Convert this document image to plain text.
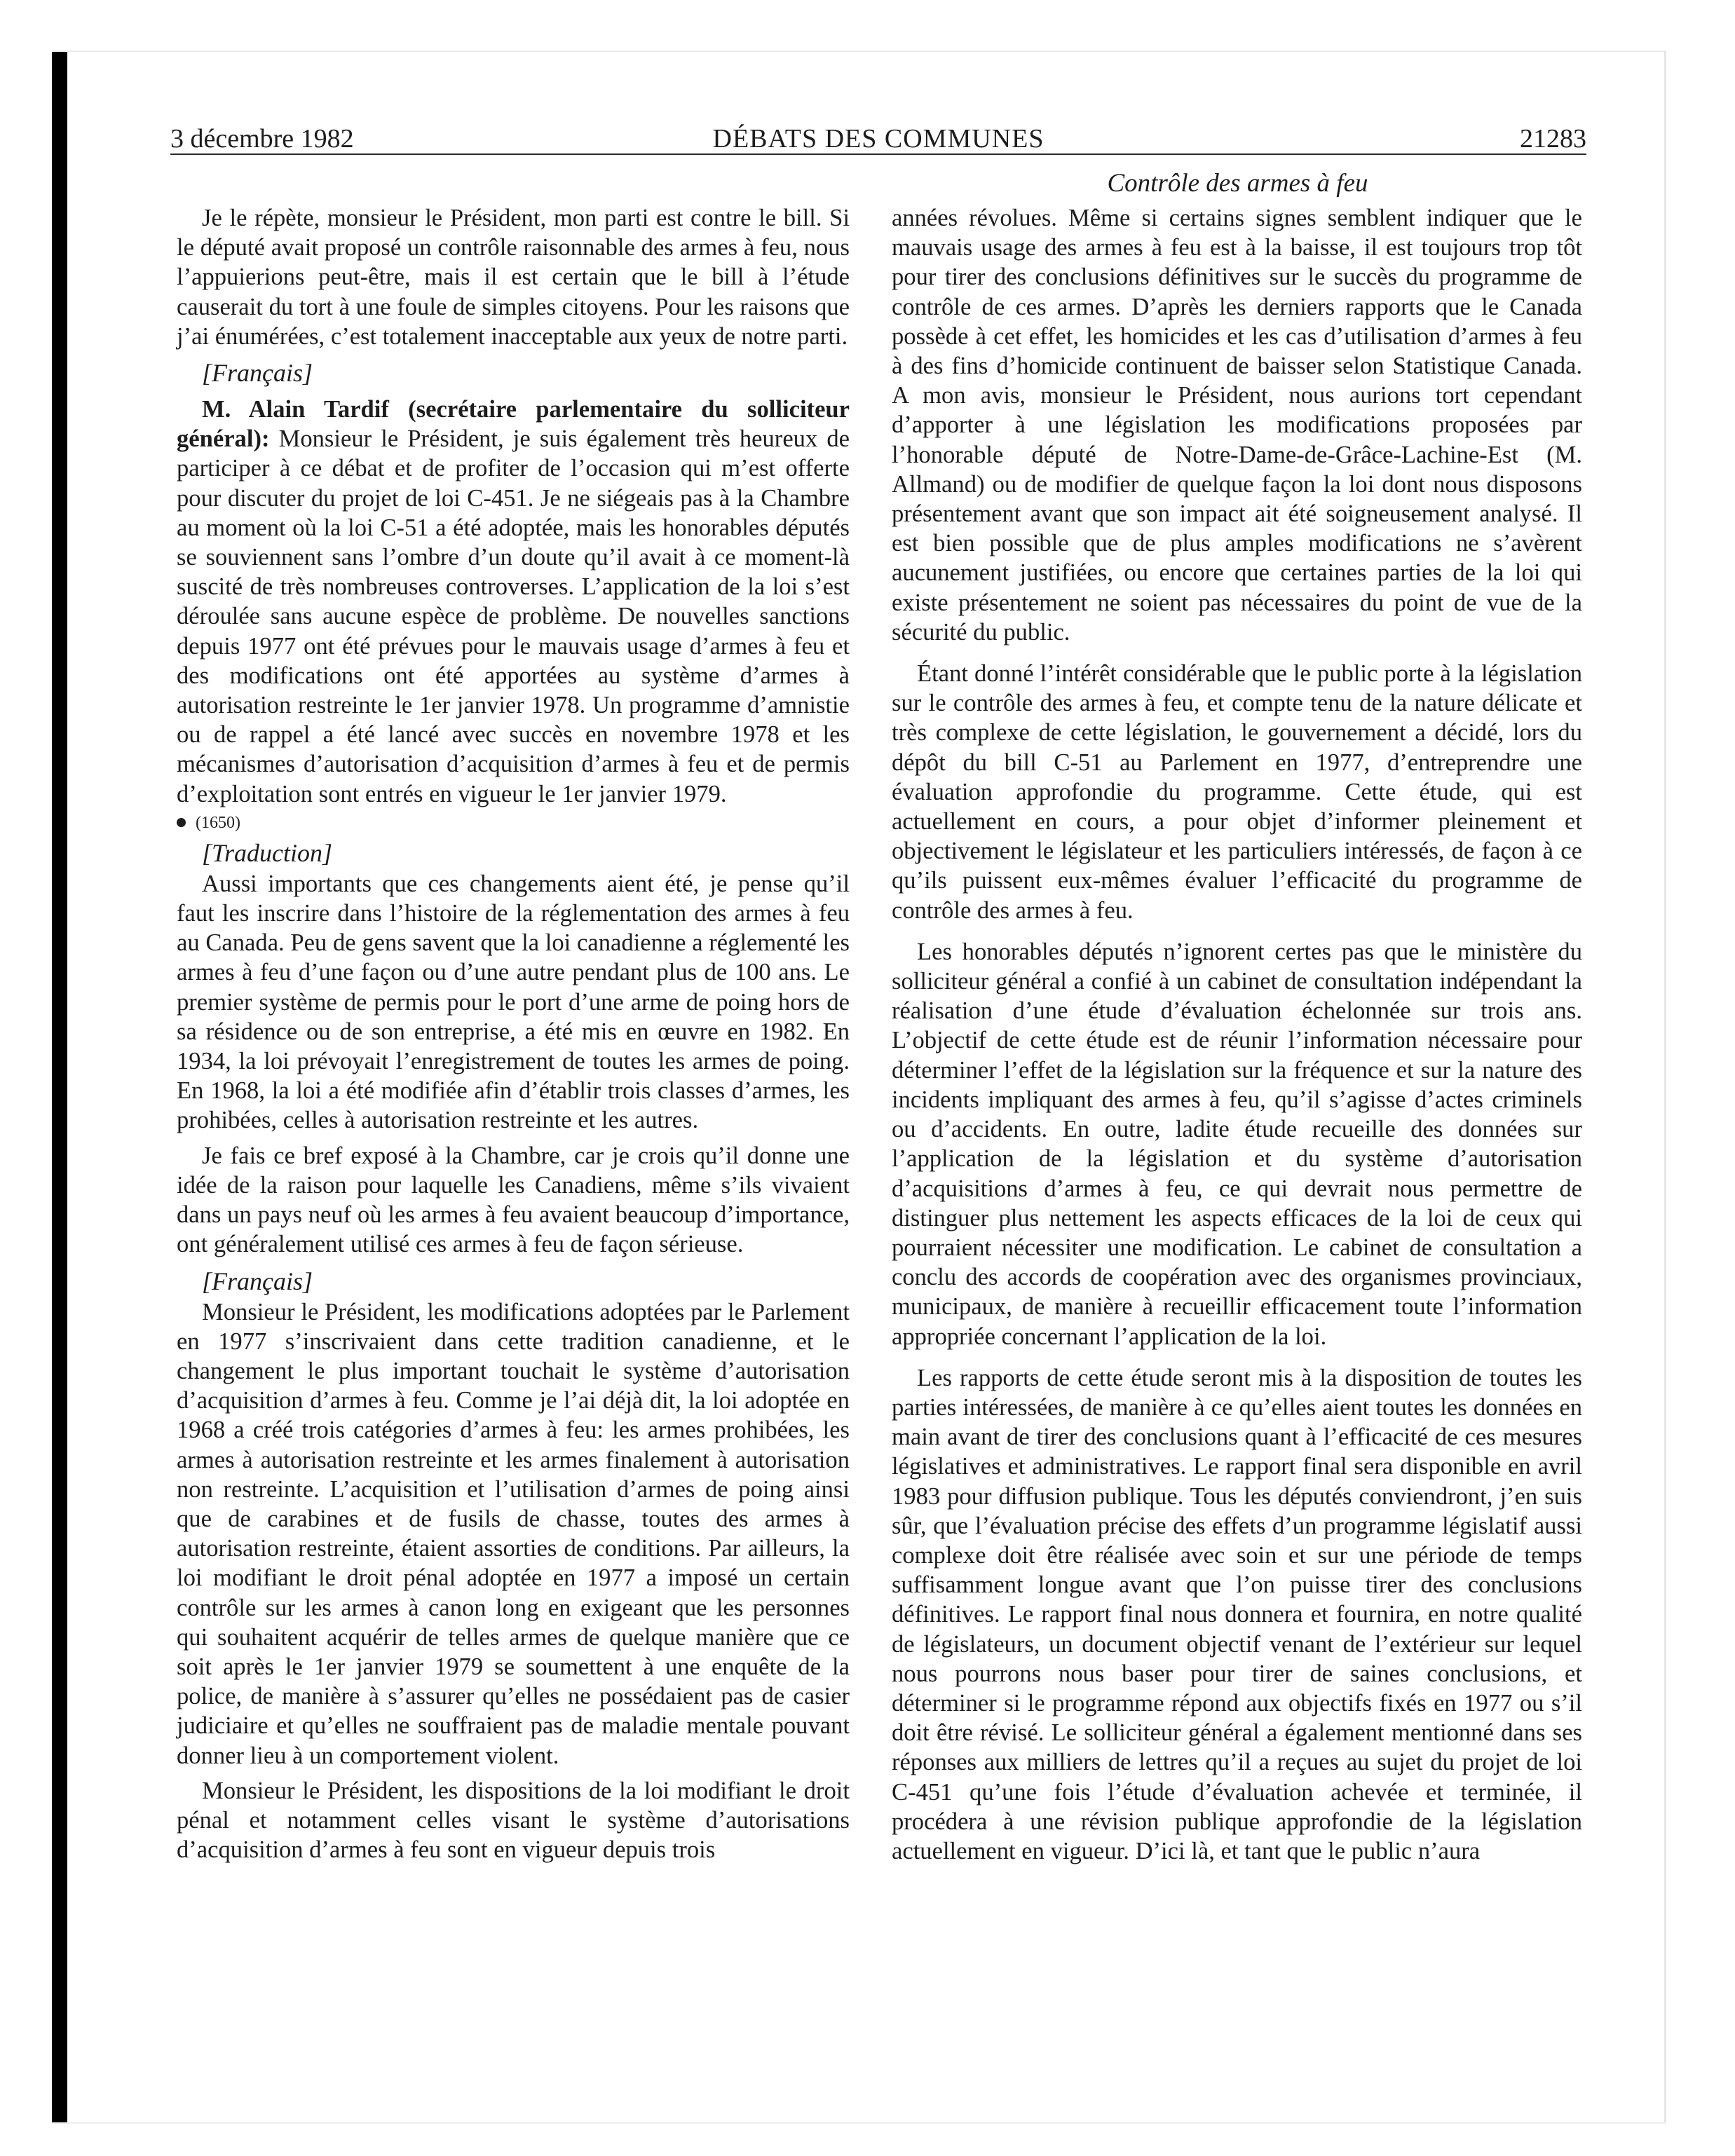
3 décembre 1982	DÉBATS DES COMMUNES	21283
Contrôle des armes à feu

Je le répète, monsieur le Président, mon parti est contre le bill. Si le député avait proposé un contrôle raisonnable des armes à feu, nous l’appuierions peut-être, mais il est certain que le bill à l’étude causerait du tort à une foule de simples citoyens. Pour les raisons que j’ai énumérées, c’est totalement inacceptable aux yeux de notre parti.

[Français]

M. Alain Tardif (secrétaire parlementaire du solliciteur général): Monsieur le Président, je suis également très heureux de participer à ce débat et de profiter de l’occasion qui m’est offerte pour discuter du projet de loi C-451. Je ne siégeais pas à la Chambre au moment où la loi C-51 a été adoptée, mais les honorables députés se souviennent sans l’ombre d’un doute qu’il avait à ce moment-là suscité de très nombreuses controverses. L’application de la loi s’est déroulée sans aucune espèce de problème. De nouvelles sanctions depuis 1977 ont été prévues pour le mauvais usage d’armes à feu et des modifications ont été apportées au système d’armes à autorisation restreinte le 1er janvier 1978. Un programme d’amnistie ou de rappel a été lancé avec succès en novembre 1978 et les mécanismes d’autorisation d’acquisition d’armes à feu et de permis d’exploitation sont entrés en vigueur le 1er janvier 1979.

(1650)

[Traduction]

Aussi importants que ces changements aient été, je pense qu’il faut les inscrire dans l’histoire de la réglementation des armes à feu au Canada. Peu de gens savent que la loi canadienne a réglementé les armes à feu d’une façon ou d’une autre pendant plus de 100 ans. Le premier système de permis pour le port d’une arme de poing hors de sa résidence ou de son entreprise, a été mis en œuvre en 1982. En 1934, la loi prévoyait l’enregistrement de toutes les armes de poing. En 1968, la loi a été modifiée afin d’établir trois classes d’armes, les prohibées, celles à autorisation restreinte et les autres.

Je fais ce bref exposé à la Chambre, car je crois qu’il donne une idée de la raison pour laquelle les Canadiens, même s’ils vivaient dans un pays neuf où les armes à feu avaient beaucoup d’importance, ont généralement utilisé ces armes à feu de façon sérieuse.

[Français]

Monsieur le Président, les modifications adoptées par le Parlement en 1977 s’inscrivaient dans cette tradition canadienne, et le changement le plus important touchait le système d’autorisation d’acquisition d’armes à feu. Comme je l’ai déjà dit, la loi adoptée en 1968 a créé trois catégories d’armes à feu: les armes prohibées, les armes à autorisation restreinte et les armes finalement à autorisation non restreinte. L’acquisition et l’utilisation d’armes de poing ainsi que de carabines et de fusils de chasse, toutes des armes à autorisation restreinte, étaient assorties de conditions. Par ailleurs, la loi modifiant le droit pénal adoptée en 1977 a imposé un certain contrôle sur les armes à canon long en exigeant que les personnes qui souhaitent acquérir de telles armes de quelque manière que ce soit après le 1er janvier 1979 se soumettent à une enquête de la police, de manière à s’assurer qu’elles ne possédaient pas de casier judiciaire et qu’elles ne souffraient pas de maladie mentale pouvant donner lieu à un comportement violent.

Monsieur le Président, les dispositions de la loi modifiant le droit pénal et notamment celles visant le système d’autorisations d’acquisition d’armes à feu sont en vigueur depuis trois

années révolues. Même si certains signes semblent indiquer que le mauvais usage des armes à feu est à la baisse, il est toujours trop tôt pour tirer des conclusions définitives sur le succès du programme de contrôle de ces armes. D’après les derniers rapports que le Canada possède à cet effet, les homicides et les cas d’utilisation d’armes à feu à des fins d’homicide continuent de baisser selon Statistique Canada. A mon avis, monsieur le Président, nous aurions tort cependant d’apporter à une législation les modifications proposées par l’honorable député de Notre-Dame-de-Grâce-Lachine-Est (M. Allmand) ou de modifier de quelque façon la loi dont nous disposons présentement avant que son impact ait été soigneusement analysé. Il est bien possible que de plus amples modifications ne s’avèrent aucunement justifiées, ou encore que certaines parties de la loi qui existe présentement ne soient pas nécessaires du point de vue de la sécurité du public.

Étant donné l’intérêt considérable que le public porte à la législation sur le contrôle des armes à feu, et compte tenu de la nature délicate et très complexe de cette législation, le gouvernement a décidé, lors du dépôt du bill C-51 au Parlement en 1977, d’entreprendre une évaluation approfondie du programme. Cette étude, qui est actuellement en cours, a pour objet d’informer pleinement et objectivement le législateur et les particuliers intéressés, de façon à ce qu’ils puissent eux-mêmes évaluer l’efficacité du programme de contrôle des armes à feu.

Les honorables députés n’ignorent certes pas que le ministère du solliciteur général a confié à un cabinet de consultation indépendant la réalisation d’une étude d’évaluation échelonnée sur trois ans. L’objectif de cette étude est de réunir l’information nécessaire pour déterminer l’effet de la législation sur la fréquence et sur la nature des incidents impliquant des armes à feu, qu’il s’agisse d’actes criminels ou d’accidents. En outre, ladite étude recueille des données sur l’application de la législation et du système d’autorisation d’acquisitions d’armes à feu, ce qui devrait nous permettre de distinguer plus nettement les aspects efficaces de la loi de ceux qui pourraient nécessiter une modification. Le cabinet de consultation a conclu des accords de coopération avec des organismes provinciaux, municipaux, de manière à recueillir efficacement toute l’information appropriée concernant l’application de la loi.

Les rapports de cette étude seront mis à la disposition de toutes les parties intéressées, de manière à ce qu’elles aient toutes les données en main avant de tirer des conclusions quant à l’efficacité de ces mesures législatives et administratives. Le rapport final sera disponible en avril 1983 pour diffusion publique. Tous les députés conviendront, j’en suis sûr, que l’évaluation précise des effets d’un programme législatif aussi complexe doit être réalisée avec soin et sur une période de temps suffisamment longue avant que l’on puisse tirer des conclusions définitives. Le rapport final nous donnera et fournira, en notre qualité de législateurs, un document objectif venant de l’extérieur sur lequel nous pourrons nous baser pour tirer de saines conclusions, et déterminer si le programme répond aux objectifs fixés en 1977 ou s’il doit être révisé. Le solliciteur général a également mentionné dans ses réponses aux milliers de lettres qu’il a reçues au sujet du projet de loi C-451 qu’une fois l’étude d’évaluation achevée et terminée, il procédera à une révision publique approfondie de la législation actuellement en vigueur. D’ici là, et tant que le public n’aura
